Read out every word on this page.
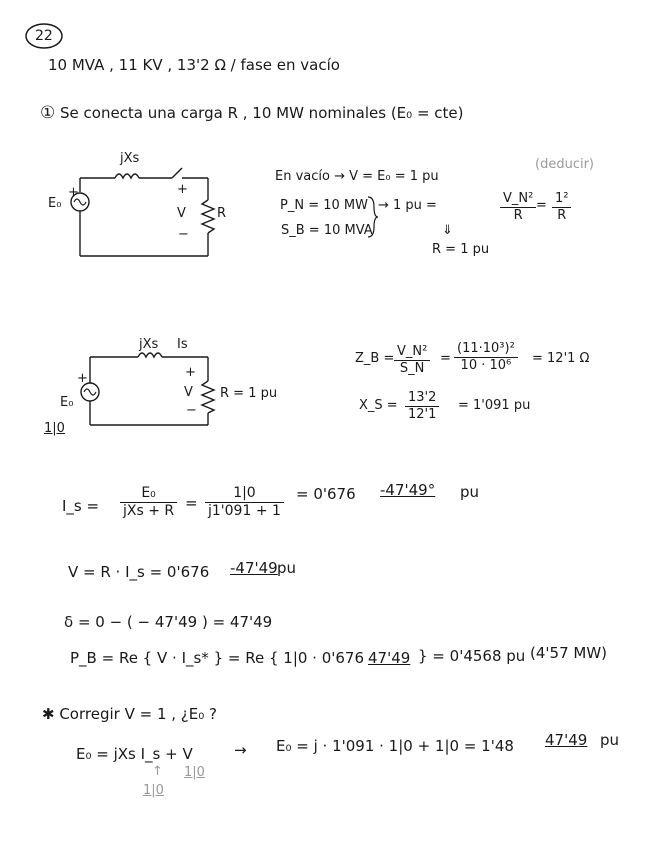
22
10 MVA , 11 KV , 13'2 Ω / fase en vacío
① Se conecta una carga R , 10 MW nominales (E₀ = cte)
jXs
E₀
+	+
V
−
R
En vacío → V = E₀ = 1 pu
(deducir)
P_N = 10 MW
S_B = 10 MVA
→ 1 pu =	$\frac{\text{V\_N²}}{R} = \frac{\text{1²}}{R}$
⇓
R = 1 pu
jXs Is
+
E₀
1|0
+
V
−
R = 1 pu
Z_B = $\frac{\text{V\_N²}}{S\_N} = \frac{\text{(11·10³)²}}{\text{10 · 10⁶}} = 12'1$ Ω
X_S = $\frac{13'2}{12'1} = 1'091$ pu
I_s =
E₀
jXs + $R = \frac{1|0}{j1'091 + 1} = 0'676$ -47'49° pu
V = R · I_s = 0'676 -47'49 pu
δ = 0 − ( − 47'49 ) = 47'49
P_B = Re { V · I_s* } = Re { 1|0 · 0'676 47'49 } = 0'4568 pu (4'57 MW)
✱ Corregir V = 1 , ¿E₀ ?
E₀ = jXs I_s + V	→ E₀ = j · 1'091 · 1|0 + 1|0 = 1'48 47'49 pu
↑
1|0
1|0
